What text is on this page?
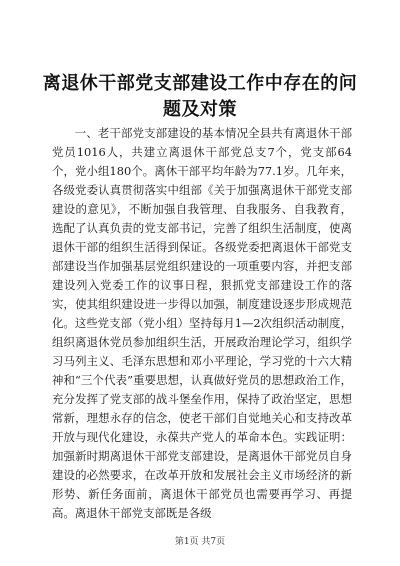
离退休干部党支部建设工作中存在的问题及对策

一、老干部党支部建设的基本情况全县共有离退休干部党员1016人，共建立离退休干部党总支7个，党支部64个，党小组180个。离休干部平均年龄为77.1岁。几年来，各级党委认真贯彻落实中组部《关于加强离退休干部党支部建设的意见》，不断加强自我管理、自我服务、自我教育，选配了认真负责的党支部书记，完善了组织生活制度，使离退休干部的组织生活得到保证。各级党委把离退休干部党支部建设当作加强基层党组织建设的一项重要内容，并把支部建设列入党委工作的议事日程，狠抓党支部建设工作的落实，使其组织建设进一步得以加强，制度建设逐步形成规范化。这些党支部（党小组）坚持每月1—2次组织活动制度，组织离退休党员参加组织生活，开展政治理论学习，组织学习马列主义、毛泽东思想和邓小平理论，学习党的十六大精神和“三个代表”重要思想，认真做好党员的思想政治工作，充分发挥了党支部的战斗堡垒作用，保持了政治坚定，思想常新，理想永存的信念，使老干部们自觉地关心和支持改革开放与现代化建设，永葆共产党人的革命本色。实践证明：加强新时期离退休干部党支部建设，是离退休干部党员自身建设的必然要求，在改革开放和发展社会主义市场经济的新形势、新任务面前，离退休干部党员也需要再学习、再提高。离退休干部党支部既是各级

第1页 共7页
